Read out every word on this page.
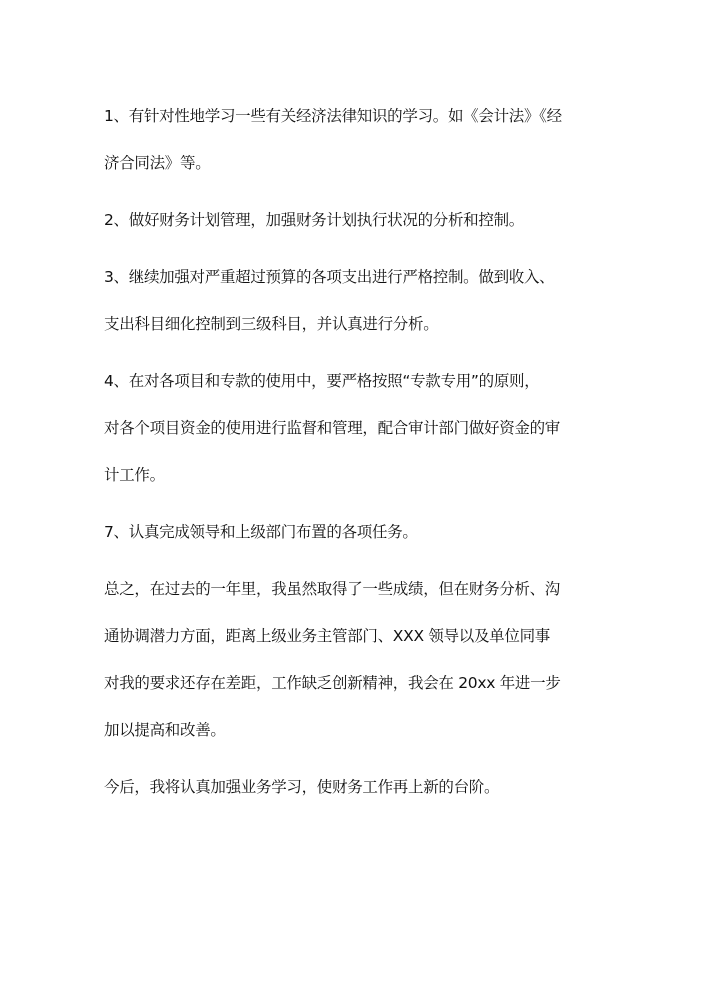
1、有针对性地学习一些有关经济法律知识的学习。如《会计法》《经
济合同法》等。
2、做好财务计划管理，加强财务计划执行状况的分析和控制。
3、继续加强对严重超过预算的各项支出进行严格控制。做到收入、
支出科目细化控制到三级科目，并认真进行分析。
4、在对各项目和专款的使用中，要严格按照“专款专用”的原则，
对各个项目资金的使用进行监督和管理，配合审计部门做好资金的审
计工作。
7、认真完成领导和上级部门布置的各项任务。
总之，在过去的一年里，我虽然取得了一些成绩，但在财务分析、沟
通协调潜力方面，距离上级业务主管部门、XXX 领导以及单位同事
对我的要求还存在差距，工作缺乏创新精神，我会在 20xx 年进一步
加以提高和改善。
今后，我将认真加强业务学习，使财务工作再上新的台阶。
